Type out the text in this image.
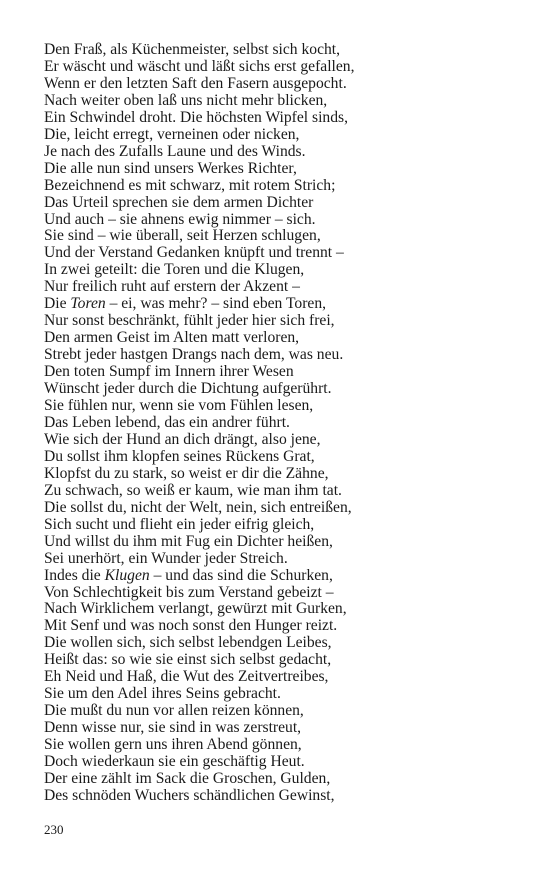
Den Fraß, als Küchenmeister, selbst sich kocht,
Er wäscht und wäscht und läßt sichs erst gefallen,
Wenn er den letzten Saft den Fasern ausgepocht.
Nach weiter oben laß uns nicht mehr blicken,
Ein Schwindel droht. Die höchsten Wipfel sinds,
Die, leicht erregt, verneinen oder nicken,
Je nach des Zufalls Laune und des Winds.
Die alle nun sind unsers Werkes Richter,
Bezeichnend es mit schwarz, mit rotem Strich;
Das Urteil sprechen sie dem armen Dichter
Und auch – sie ahnens ewig nimmer – sich.
Sie sind – wie überall, seit Herzen schlugen,
Und der Verstand Gedanken knüpft und trennt –
In zwei geteilt: die Toren und die Klugen,
Nur freilich ruht auf erstern der Akzent –
Die Toren – ei, was mehr? – sind eben Toren,
Nur sonst beschränkt, fühlt jeder hier sich frei,
Den armen Geist im Alten matt verloren,
Strebt jeder hastgen Drangs nach dem, was neu.
Den toten Sumpf im Innern ihrer Wesen
Wünscht jeder durch die Dichtung aufgerührt.
Sie fühlen nur, wenn sie vom Fühlen lesen,
Das Leben lebend, das ein andrer führt.
Wie sich der Hund an dich drängt, also jene,
Du sollst ihm klopfen seines Rückens Grat,
Klopfst du zu stark, so weist er dir die Zähne,
Zu schwach, so weiß er kaum, wie man ihm tat.
Die sollst du, nicht der Welt, nein, sich entreißen,
Sich sucht und flieht ein jeder eifrig gleich,
Und willst du ihm mit Fug ein Dichter heißen,
Sei unerhört, ein Wunder jeder Streich.
Indes die Klugen – und das sind die Schurken,
Von Schlechtigkeit bis zum Verstand gebeizt –
Nach Wirklichem verlangt, gewürzt mit Gurken,
Mit Senf und was noch sonst den Hunger reizt.
Die wollen sich, sich selbst lebendgen Leibes,
Heißt das: so wie sie einst sich selbst gedacht,
Eh Neid und Haß, die Wut des Zeitvertreibes,
Sie um den Adel ihres Seins gebracht.
Die mußt du nun vor allen reizen können,
Denn wisse nur, sie sind in was zerstreut,
Sie wollen gern uns ihren Abend gönnen,
Doch wiederkaun sie ein geschäftig Heut.
Der eine zählt im Sack die Groschen, Gulden,
Des schnöden Wuchers schändlichen Gewinst,
230
